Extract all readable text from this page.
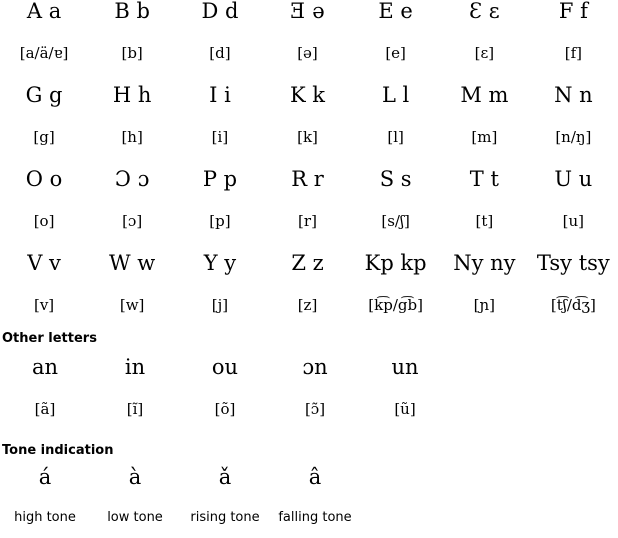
A a	B b	D d	Ǝ ə	E e	Ɛ ɛ	F f
[a/ä/ɐ]	[b]	[d]	[ə]	[e]	[ɛ]	[f]
G g	H h	I i	K k	L l	M m	N n
[g]	[h]	[i]	[k]	[l]	[m]	[n/ŋ]
O o	Ɔ ɔ	P p	R r	S s	T t	U u
[o]	[ɔ]	[p]	[r]	[s/ʃ]	[t]	[u]
V v	W w	Y y	Z z	Kp kp	Ny ny	Tsy tsy
[v]	[w]	[j]	[z]	[k͡p/g͡b]	[ɲ]	[t͡ʃ/d͡ʒ]
Other letters
an	in	ou	ɔn	un
[ã]	[ĩ]	[õ]	[ɔ̃]	[ũ]
Tone indication
á	à	ǎ	â
high tone	low tone	rising tone	falling tone
